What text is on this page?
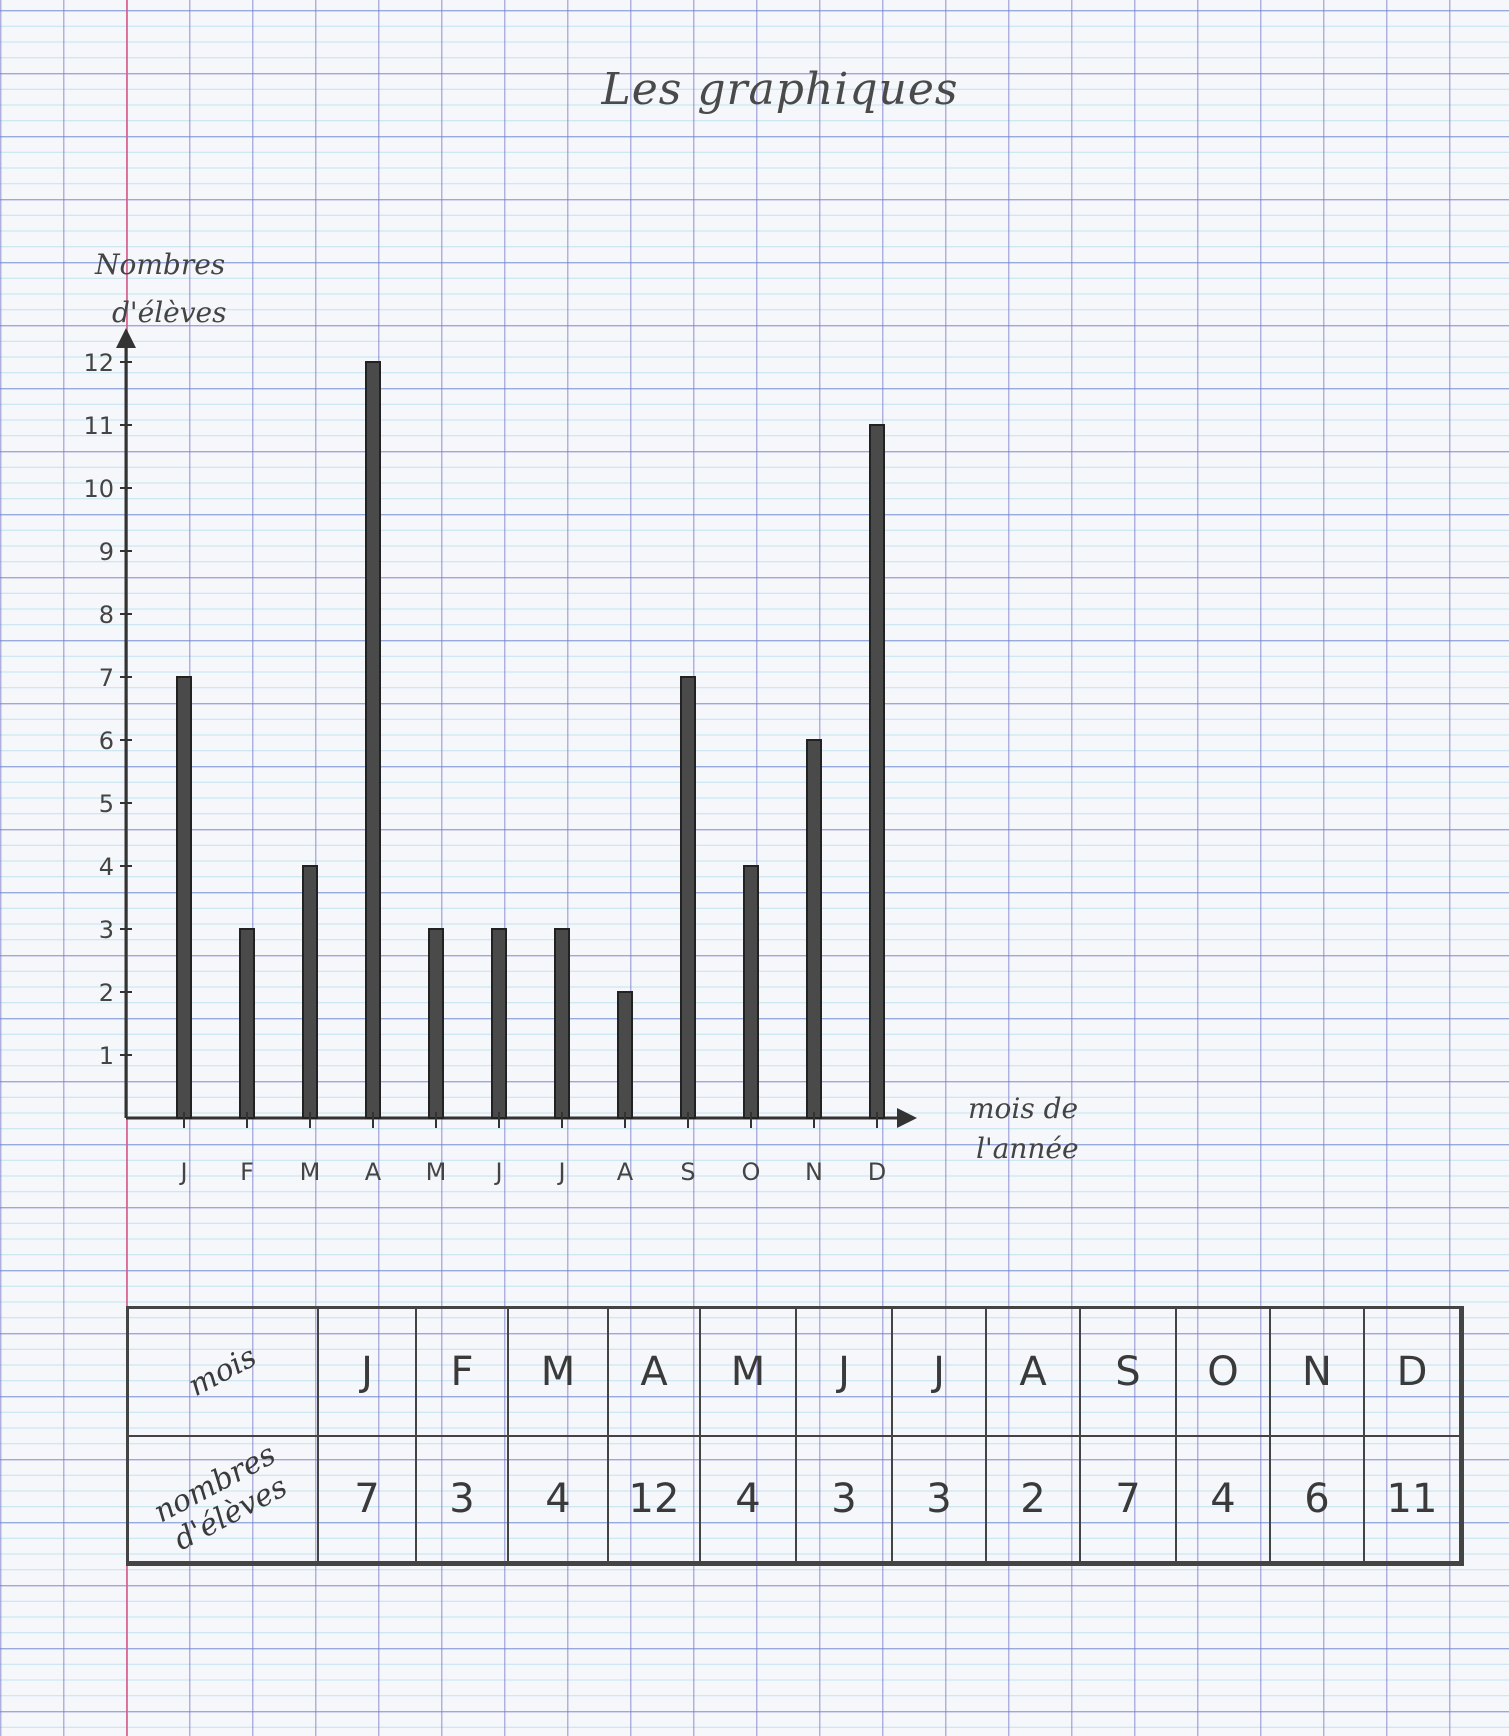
Les graphiques
1
2
3
4
5
6
7
8
9
10
11
12
J F M A M J J A S O N D
Nombres
d'élèves
mois de
l'année
mois J F M A M J J A S O N D
nombres d'élèves	7 3 4 12 4 3 3 2 7 4 6 11
